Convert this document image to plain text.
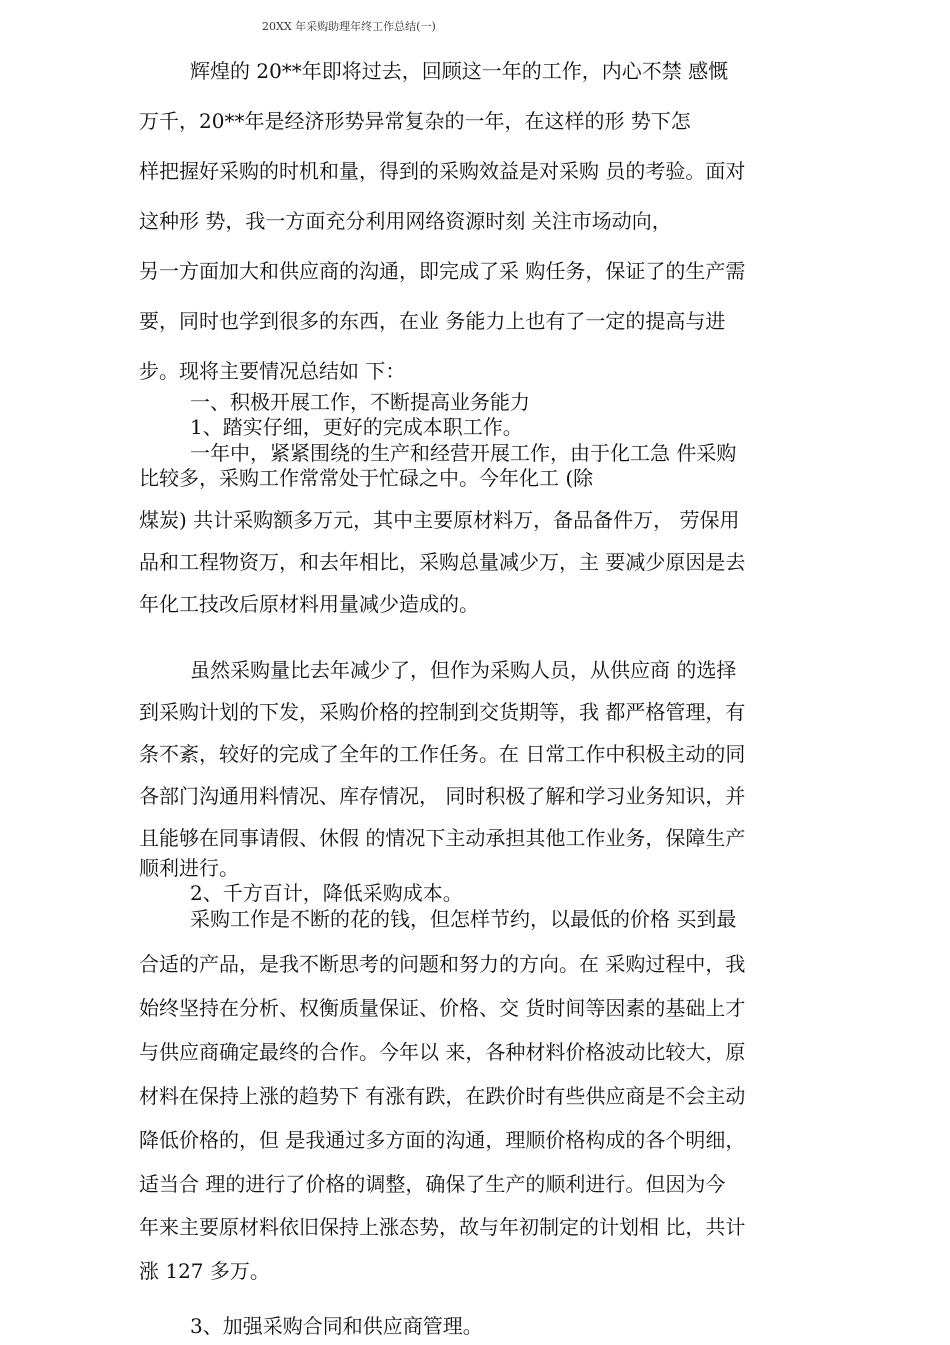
20XX 年采购助理年终工作总结(一)
辉煌的 20**年即将过去，回顾这一年的工作，内心不禁 感慨
万千，20**年是经济形势异常复杂的一年，在这样的形 势下怎
样把握好采购的时机和量，得到的采购效益是对采购 员的考验。面对
这种形 势，我一方面充分利用网络资源时刻 关注市场动向，
另一方面加大和供应商的沟通，即完成了采 购任务，保证了的生产需
要，同时也学到很多的东西，在业 务能力上也有了一定的提高与进
步。现将主要情况总结如 下：
一、积极开展工作，不断提高业务能力
1、踏实仔细，更好的完成本职工作。
一年中，紧紧围绕的生产和经营开展工作，由于化工急 件采购
比较多，采购工作常常处于忙碌之中。今年化工 (除
煤炭) 共计采购额多万元，其中主要原材料万，备品备件万， 劳保用
品和工程物资万，和去年相比，采购总量减少万，主 要减少原因是去
年化工技改后原材料用量减少造成的。
虽然采购量比去年减少了，但作为采购人员，从供应商 的选择
到采购计划的下发，采购价格的控制到交货期等，我 都严格管理，有
条不紊，较好的完成了全年的工作任务。在 日常工作中积极主动的同
各部门沟通用料情况、库存情况， 同时积极了解和学习业务知识，并
且能够在同事请假、休假 的情况下主动承担其他工作业务，保障生产
顺利进行。
2、千方百计，降低采购成本。
采购工作是不断的花的钱，但怎样节约，以最低的价格 买到最
合适的产品，是我不断思考的问题和努力的方向。在 采购过程中，我
始终坚持在分析、权衡质量保证、价格、交 货时间等因素的基础上才
与供应商确定最终的合作。今年以 来，各种材料价格波动比较大，原
材料在保持上涨的趋势下 有涨有跌，在跌价时有些供应商是不会主动
降低价格的，但 是我通过多方面的沟通，理顺价格构成的各个明细，
适当合 理的进行了价格的调整，确保了生产的顺利进行。但因为今
年来主要原材料依旧保持上涨态势，故与年初制定的计划相 比，共计
涨 127 多万。
3、加强采购合同和供应商管理。
